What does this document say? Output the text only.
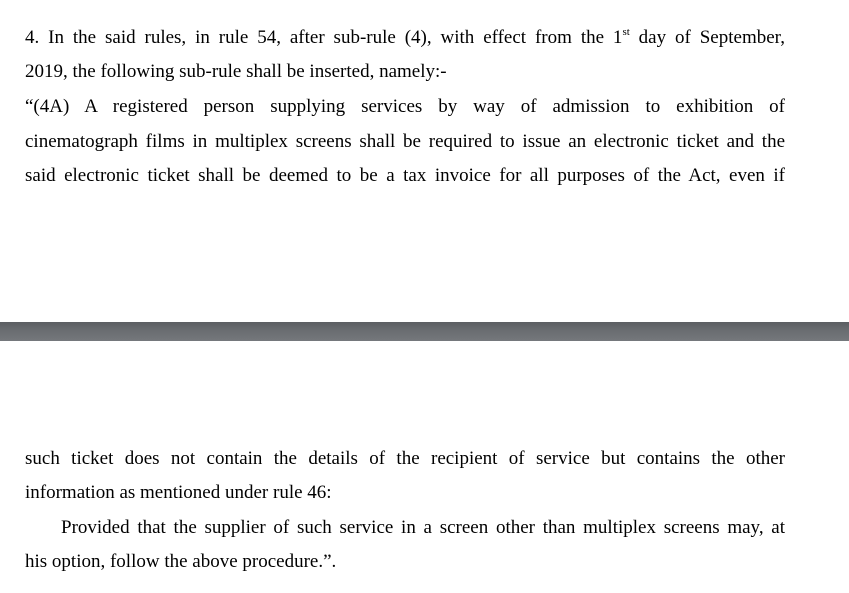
4. In the said rules, in rule 54, after sub-rule (4), with effect from the 1st day of September,
2019, the following sub-rule shall be inserted, namely:-
“(4A) A registered person supplying services by way of admission to exhibition of
cinematograph films in multiplex screens shall be required to issue an electronic ticket and the
said electronic ticket shall be deemed to be a tax invoice for all purposes of the Act, even if
such ticket does not contain the details of the recipient of service but contains the other
information as mentioned under rule 46:
Provided that the supplier of such service in a screen other than multiplex screens may, at
his option, follow the above procedure.”.
